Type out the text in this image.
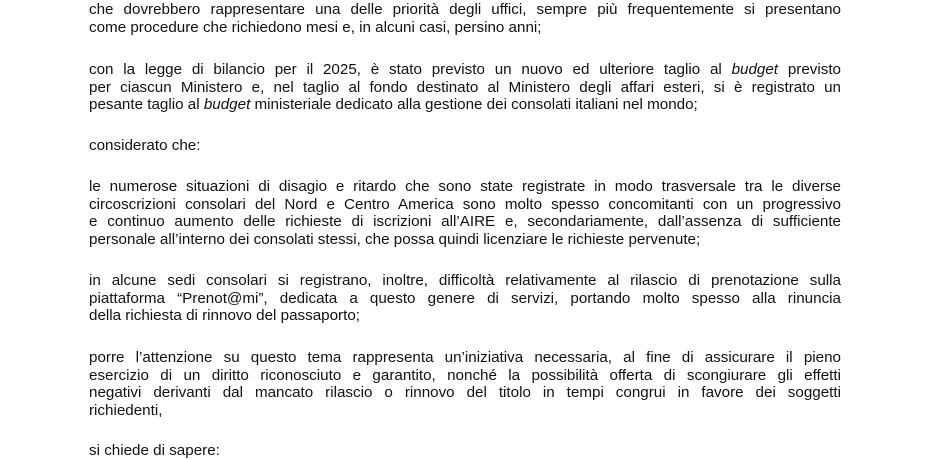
che dovrebbero rappresentare una delle priorità degli uffici, sempre più frequentemente si presentano
come procedure che richiedono mesi e, in alcuni casi, persino anni;

con la legge di bilancio per il 2025, è stato previsto un nuovo ed ulteriore taglio al budget previsto
per ciascun Ministero e, nel taglio al fondo destinato al Ministero degli affari esteri, si è registrato un
pesante taglio al budget ministeriale dedicato alla gestione dei consolati italiani nel mondo;

considerato che:

le numerose situazioni di disagio e ritardo che sono state registrate in modo trasversale tra le diverse
circoscrizioni consolari del Nord e Centro America sono molto spesso concomitanti con un progressivo
e continuo aumento delle richieste di iscrizioni all’AIRE e, secondariamente, dall’assenza di sufficiente
personale all’interno dei consolati stessi, che possa quindi licenziare le richieste pervenute;

in alcune sedi consolari si registrano, inoltre, difficoltà relativamente al rilascio di prenotazione sulla
piattaforma “Prenot@mi”, dedicata a questo genere di servizi, portando molto spesso alla rinuncia
della richiesta di rinnovo del passaporto;

porre l’attenzione su questo tema rappresenta un’iniziativa necessaria, al fine di assicurare il pieno
esercizio di un diritto riconosciuto e garantito, nonché la possibilità offerta di scongiurare gli effetti
negativi derivanti dal mancato rilascio o rinnovo del titolo in tempi congrui in favore dei soggetti
richiedenti,

si chiede di sapere:
